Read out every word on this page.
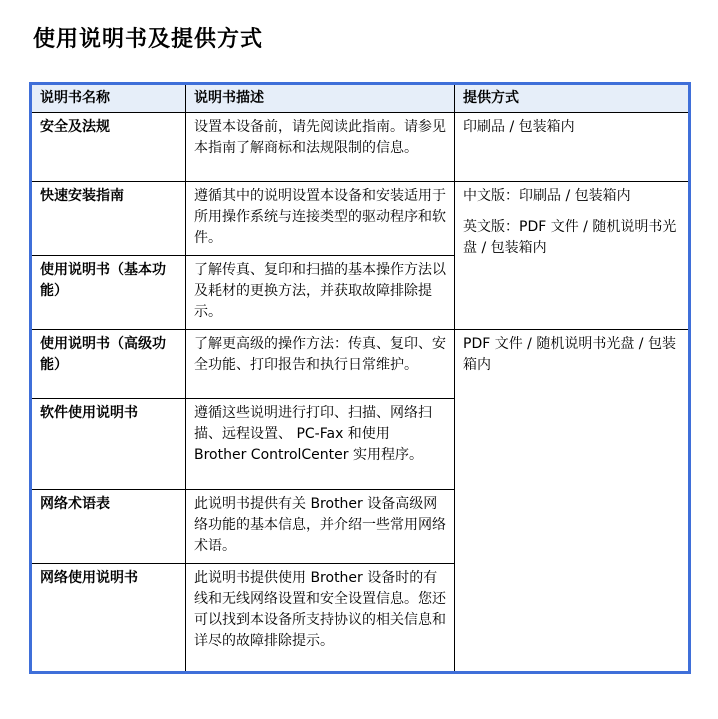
使用说明书及提供方式
说明书名称	说明书描述	提供方式
安全及法规	设置本设备前，请先阅读此指南。请参见本指南了解商标和法规限制的信息。	印刷品 / 包装箱内
快速安装指南	遵循其中的说明设置本设备和安装适用于所用操作系统与连接类型的驱动程序和软件。	中文版：印刷品 / 包装箱内
英文版：PDF 文件 / 随机说明书光盘 / 包装箱内

使用说明书（基本功能）	了解传真、复印和扫描的基本操作方法以及耗材的更换方法，并获取故障排除提示。	
使用说明书（高级功能）	了解更高级的操作方法：传真、复印、安全功能、打印报告和执行日常维护。	PDF 文件 / 随机说明书光盘 / 包装箱内
软件使用说明书	遵循这些说明进行打印、扫描、网络扫描、远程设置、 PC-Fax 和使用 Brother ControlCenter 实用程序。	
网络术语表	此说明书提供有关 Brother 设备高级网络功能的基本信息，并介绍一些常用网络术语。	
网络使用说明书	此说明书提供使用 Brother 设备时的有线和无线网络设置和安全设置信息。您还可以找到本设备所支持协议的相关信息和详尽的故障排除提示。	
